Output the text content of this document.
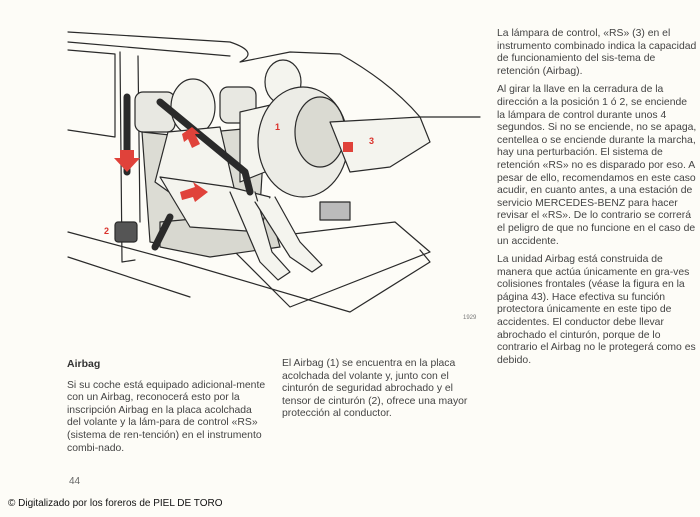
1
2
3
1929

La lámpara de control, «RS» (3) en el instrumento combinado indica la capacidad de funcionamiento del sis-tema de retención (Airbag).

Al girar la llave en la cerradura de la dirección a la posición 1 ó 2, se enciende la lámpara de control durante unos 4 segundos. Si no se enciende, no se apaga, centellea o se enciende durante la marcha, hay una perturbación. El sistema de retención «RS» no es disparado por eso. A pesar de ello, recomendamos en este caso acudir, en cuanto antes, a una estación de servicio MERCEDES-BENZ para hacer revisar el «RS». De lo contrario se correrá el peligro de que no funcione en el caso de un accidente.

La unidad Airbag está construida de manera que actúa únicamente en gra-ves colisiones frontales (véase la figura en la página 43). Hace efectiva su función protectora únicamente en este tipo de accidentes. El conductor debe llevar abrochado el cinturón, porque de lo contrario el Airbag no le protegerá como es debido.

Airbag

Si su coche está equipado adicional-mente con un Airbag, reconocerá esto por la inscripción Airbag en la placa acolchada del volante y la lám-para de control «RS» (sistema de ren-tención) en el instrumento combi-nado.

El Airbag (1) se encuentra en la placa acolchada del volante y, junto con el cinturón de seguridad abrochado y el tensor de cinturón (2), ofrece una mayor protección al conductor.

44
© Digitalizado por los foreros de PIEL DE TORO
